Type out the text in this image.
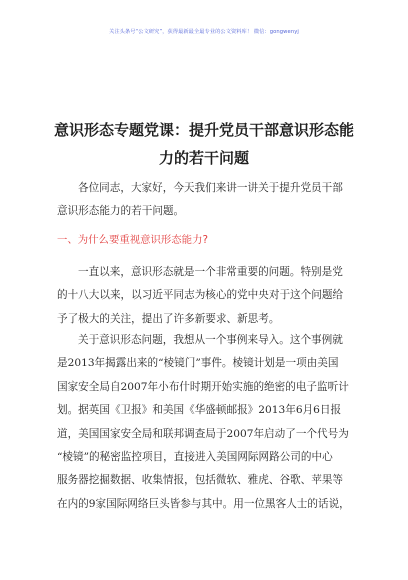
关注头条号“公文研究”，获得最新最全最专业的公文资料库！ 微信：gongwenyj
意识形态专题党课：提升党员干部意识形态能
力的若干问题
各位同志，大家好，今天我们来讲一讲关于提升党员干部
意识形态能力的若干问题。
一、为什么要重视意识形态能力?
一直以来，意识形态就是一个非常重要的问题。特别是党
的十八大以来，以习近平同志为核心的党中央对于这个问题给
予了极大的关注，提出了许多新要求、新思考。
关于意识形态问题，我想从一个事例来导入。这个事例就
是2013年揭露出来的“棱镜门”事件。棱镜计划是一项由美国
国家安全局自2007年小布什时期开始实施的绝密的电子监听计
划。据英国《卫报》和美国《华盛顿邮报》2013年6月6日报
道，美国国家安全局和联邦调查局于2007年启动了一个代号为
“棱镜”的秘密监控项目，直接进入美国网际网路公司的中心
服务器挖掘数据、收集情报，包括微软、雅虎、谷歌、苹果等
在内的9家国际网络巨头皆参与其中。用一位黑客人士的话说，
